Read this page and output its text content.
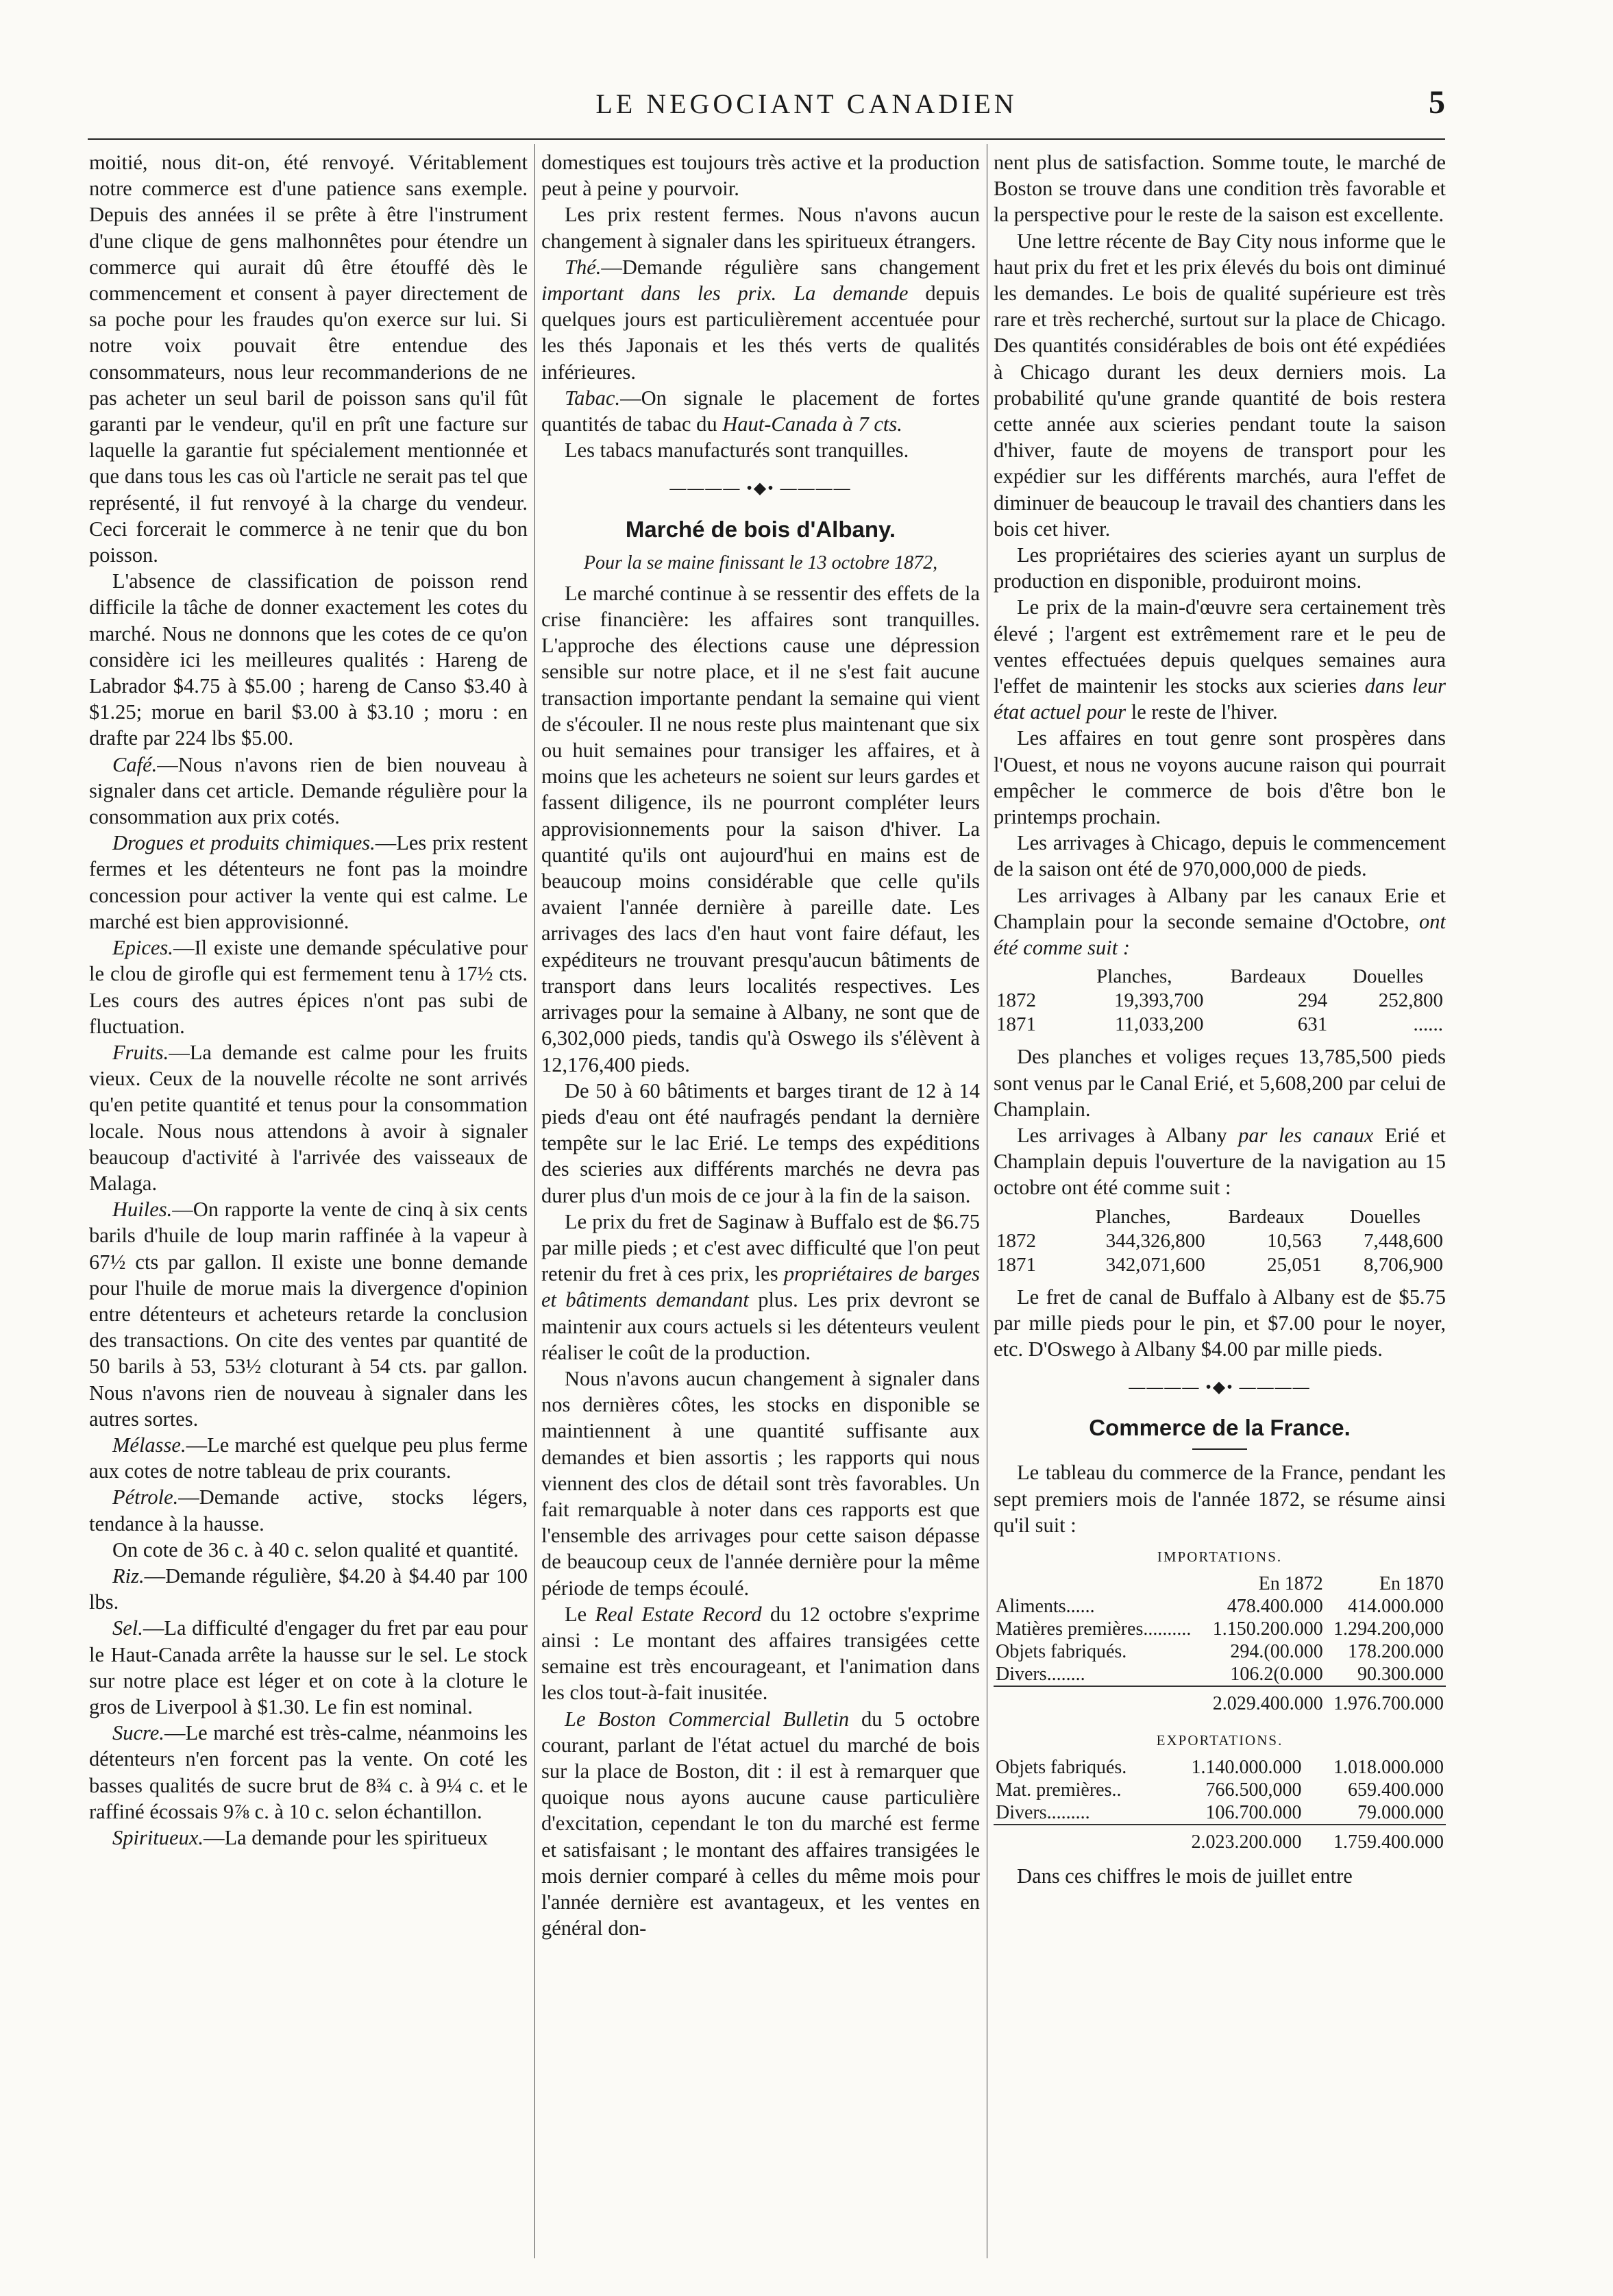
LE NEGOCIANT CANADIEN	5

moitié, nous dit-on, été renvoyé. Véritablement notre commerce est d'une patience sans exemple. Depuis des années il se prête à être l'instrument d'une clique de gens malhonnêtes pour étendre un commerce qui aurait dû être étouffé dès le commencement et consent à payer directement de sa poche pour les fraudes qu'on exerce sur lui. Si notre voix pouvait être entendue des consommateurs, nous leur recommanderions de ne pas acheter un seul baril de poisson sans qu'il fût garanti par le vendeur, qu'il en prît une facture sur laquelle la garantie fut spécialement mentionnée et que dans tous les cas où l'article ne serait pas tel que représenté, il fut renvoyé à la charge du vendeur. Ceci forcerait le commerce à ne tenir que du bon poisson.

L'absence de classification de poisson rend difficile la tâche de donner exactement les cotes du marché. Nous ne donnons que les cotes de ce qu'on considère ici les meilleures qualités : Hareng de Labrador $4.75 à $5.00 ; hareng de Canso $3.40 à $1.25; morue en baril $3.00 à $3.10 ; moru : en drafte par 224 lbs $5.00.

Café.—Nous n'avons rien de bien nouveau à signaler dans cet article. Demande régulière pour la consommation aux prix cotés.

Drogues et produits chimiques.—Les prix restent fermes et les détenteurs ne font pas la moindre concession pour activer la vente qui est calme. Le marché est bien approvisionné.

Epices.—Il existe une demande spéculative pour le clou de girofle qui est fermement tenu à 17½ cts. Les cours des autres épices n'ont pas subi de fluctuation.

Fruits.—La demande est calme pour les fruits vieux. Ceux de la nouvelle récolte ne sont arrivés qu'en petite quantité et tenus pour la consommation locale. Nous nous attendons à avoir à signaler beaucoup d'activité à l'arrivée des vaisseaux de Malaga.

Huiles.—On rapporte la vente de cinq à six cents barils d'huile de loup marin raffinée à la vapeur à 67½ cts par gallon. Il existe une bonne demande pour l'huile de morue mais la divergence d'opinion entre détenteurs et acheteurs retarde la conclusion des transactions. On cite des ventes par quantité de 50 barils à 53, 53½ cloturant à 54 cts. par gallon. Nous n'avons rien de nouveau à signaler dans les autres sortes.

Mélasse.—Le marché est quelque peu plus ferme aux cotes de notre tableau de prix courants.

Pétrole.—Demande active, stocks légers, tendance à la hausse.

On cote de 36 c. à 40 c. selon qualité et quantité.

Riz.—Demande régulière, $4.20 à $4.40 par 100 lbs.

Sel.—La difficulté d'engager du fret par eau pour le Haut-Canada arrête la hausse sur le sel. Le stock sur notre place est léger et on cote à la cloture le gros de Liverpool à $1.30. Le fin est nominal.

Sucre.—Le marché est très-calme, néanmoins les détenteurs n'en forcent pas la vente. On coté les basses qualités de sucre brut de 8¾ c. à 9¼ c. et le raffiné écossais 9⅞ c. à 10 c. selon échantillon.

Spiritueux.—La demande pour les spiritueux

domestiques est toujours très active et la production peut à peine y pourvoir.

Les prix restent fermes. Nous n'avons aucun changement à signaler dans les spiritueux étrangers.

Thé.—Demande régulière sans changement important dans les prix. La demande depuis quelques jours est particulièrement accentuée pour les thés Japonais et les thés verts de qualités inférieures.

Tabac.—On signale le placement de fortes quantités de tabac du Haut-Canada à 7 cts.

Les tabacs manufacturés sont tranquilles.

———— •◆• ————
Marché de bois d'Albany.
Pour la se maine finissant le 13 octobre 1872,

Le marché continue à se ressentir des effets de la crise financière: les affaires sont tranquilles. L'approche des élections cause une dépression sensible sur notre place, et il ne s'est fait aucune transaction importante pendant la semaine qui vient de s'écouler. Il ne nous reste plus maintenant que six ou huit semaines pour transiger les affaires, et à moins que les acheteurs ne soient sur leurs gardes et fassent diligence, ils ne pourront compléter leurs approvisionnements pour la saison d'hiver. La quantité qu'ils ont aujourd'hui en mains est de beaucoup moins considérable que celle qu'ils avaient l'année dernière à pareille date. Les arrivages des lacs d'en haut vont faire défaut, les expéditeurs ne trouvant presqu'aucun bâtiments de transport dans leurs localités respectives. Les arrivages pour la semaine à Albany, ne sont que de 6,302,000 pieds, tandis qu'à Oswego ils s'élèvent à 12,176,400 pieds.

De 50 à 60 bâtiments et barges tirant de 12 à 14 pieds d'eau ont été naufragés pendant la dernière tempête sur le lac Erié. Le temps des expéditions des scieries aux différents marchés ne devra pas durer plus d'un mois de ce jour à la fin de la saison.

Le prix du fret de Saginaw à Buffalo est de $6.75 par mille pieds ; et c'est avec difficulté que l'on peut retenir du fret à ces prix, les propriétaires de barges et bâtiments demandant plus. Les prix devront se maintenir aux cours actuels si les détenteurs veulent réaliser le coût de la production.

Nous n'avons aucun changement à signaler dans nos dernières côtes, les stocks en disponible se maintiennent à une quantité suffisante aux demandes et bien assortis ; les rapports qui nous viennent des clos de détail sont très favorables. Un fait remarquable à noter dans ces rapports est que l'ensemble des arrivages pour cette saison dépasse de beaucoup ceux de l'année dernière pour la même période de temps écoulé.

Le Real Estate Record du 12 octobre s'exprime ainsi : Le montant des affaires transigées cette semaine est très encourageant, et l'animation dans les clos tout-à-fait inusitée.

Le Boston Commercial Bulletin du 5 octobre courant, parlant de l'état actuel du marché de bois sur la place de Boston, dit : il est à remarquer que quoique nous ayons aucune cause particulière d'excitation, cependant le ton du marché est ferme et satisfaisant ; le montant des affaires transigées le mois dernier comparé à celles du même mois pour l'année dernière est avantageux, et les ventes en général don-

nent plus de satisfaction. Somme toute, le marché de Boston se trouve dans une condition très favorable et la perspective pour le reste de la saison est excellente.

Une lettre récente de Bay City nous informe que le haut prix du fret et les prix élevés du bois ont diminué les demandes. Le bois de qualité supérieure est très rare et très recherché, surtout sur la place de Chicago. Des quantités considérables de bois ont été expédiées à Chicago durant les deux derniers mois. La probabilité qu'une grande quantité de bois restera cette année aux scieries pendant toute la saison d'hiver, faute de moyens de transport pour les expédier sur les différents marchés, aura l'effet de diminuer de beaucoup le travail des chantiers dans les bois cet hiver.

Les propriétaires des scieries ayant un surplus de production en disponible, produiront moins.

Le prix de la main-d'œuvre sera certainement très élevé ; l'argent est extrêmement rare et le peu de ventes effectuées depuis quelques semaines aura l'effet de maintenir les stocks aux scieries dans leur état actuel pour le reste de l'hiver.

Les affaires en tout genre sont prospères dans l'Ouest, et nous ne voyons aucune raison qui pourrait empêcher le commerce de bois d'être bon le printemps prochain.

Les arrivages à Chicago, depuis le commencement de la saison ont été de 970,000,000 de pieds.

Les arrivages à Albany par les canaux Erie et Champlain pour la seconde semaine d'Octobre, ont été comme suit :

	Planches,	Bardeaux	Douelles
1872	19,393,700	294	252,800
1871	11,033,200	631	......

Des planches et voliges reçues 13,785,500 pieds sont venus par le Canal Erié, et 5,608,200 par celui de Champlain.

Les arrivages à Albany par les canaux Erié et Champlain depuis l'ouverture de la navigation au 15 octobre ont été comme suit :

	Planches,	Bardeaux	Douelles
1872	344,326,800	10,563	7,448,600
1871	342,071,600	25,051	8,706,900

Le fret de canal de Buffalo à Albany est de $5.75 par mille pieds pour le pin, et $7.00 pour le noyer, etc. D'Oswego à Albany $4.00 par mille pieds.

———— •◆• ————
Commerce de la France.

Le tableau du commerce de la France, pendant les sept premiers mois de l'année 1872, se résume ainsi qu'il suit :

IMPORTATIONS.
	En 1872	En 1870
Aliments......	478.400.000	414.000.000
Matières premières..........	1.150.200.000	1.294.200,000
Objets fabriqués.	294.(00.000	178.200.000
Divers........	106.2(0.000	90.300.000
	2.029.400.000	1.976.700.000
EXPORTATIONS.
Objets fabriqués.	1.140.000.000	1.018.000.000
Mat. premières..	766.500,000	659.400.000
Divers.........	106.700.000	79.000.000
	2.023.200.000	1.759.400.000

Dans ces chiffres le mois de juillet entre
